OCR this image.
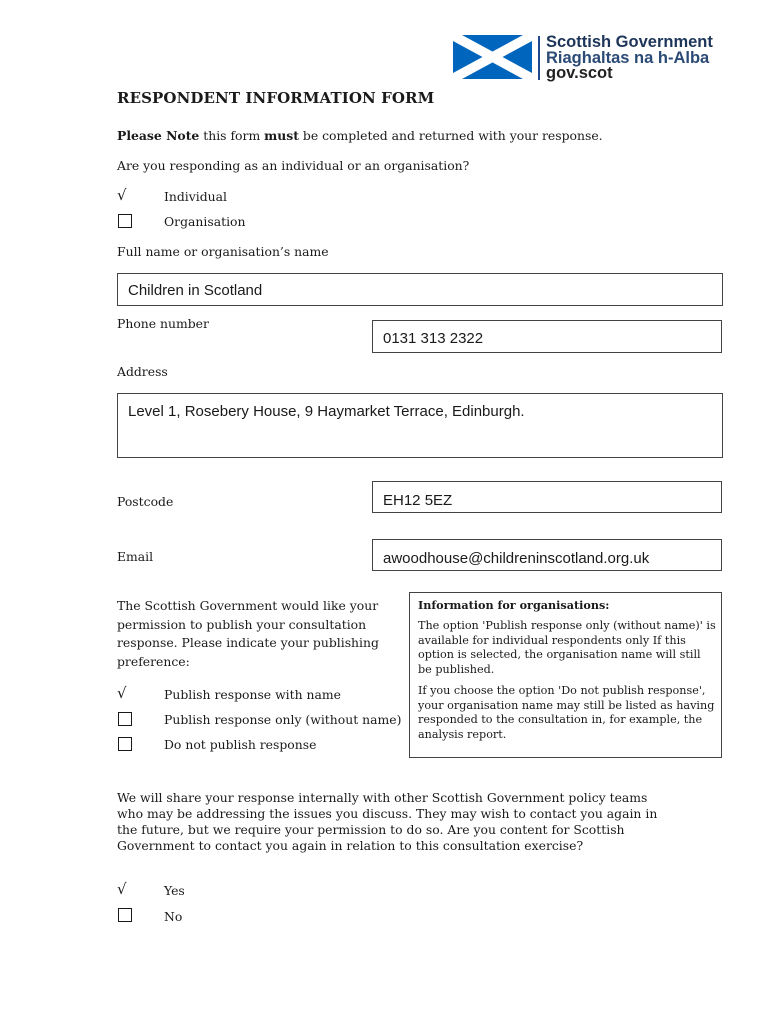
Scottish Government
Riaghaltas na h-Alba
gov.scot
RESPONDENT INFORMATION FORM
Please Note this form must be completed and returned with your response.
Are you responding as an individual or an organisation?
√	Individual
Organisation
Full name or organisation’s name
Children in Scotland
Phone number
0131 313 2322
Address
Level 1, Rosebery House, 9 Haymarket Terrace, Edinburgh.
Postcode	EH12 5EZ
Email	awoodhouse@childreninscotland.org.uk
The Scottish Government would like your
permission to publish your consultation
response. Please indicate your publishing
preference:
√	Publish response with name
Publish response only (without name)
Do not publish response
Information for organisations:
The option 'Publish response only (without name)' is available for individual respondents only If this option is selected, the organisation name will still be published.
If you choose the option 'Do not publish response', your organisation name may still be listed as having responded to the consultation in, for example, the analysis report.
We will share your response internally with other Scottish Government policy teams
who may be addressing the issues you discuss. They may wish to contact you again in
the future, but we require your permission to do so. Are you content for Scottish
Government to contact you again in relation to this consultation exercise?
√	Yes
No
